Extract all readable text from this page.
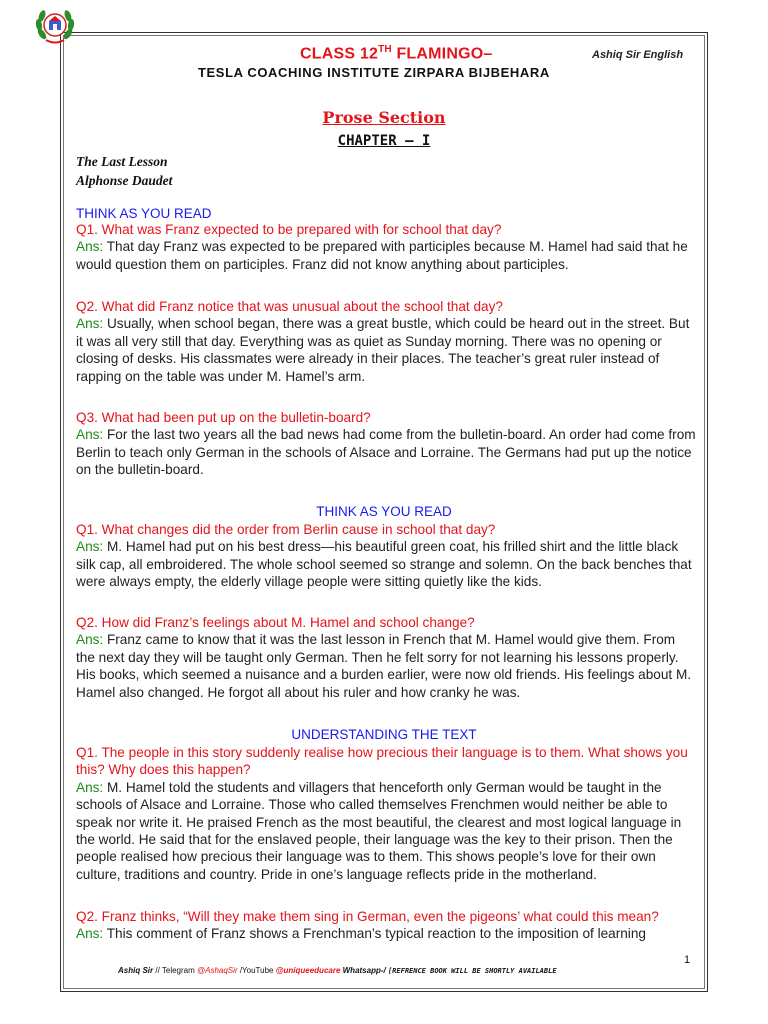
CLASS 12TH FLAMINGO–	Ashiq Sir English
TESLA COACHING INSTITUTE ZIRPARA BIJBEHARA
Prose Section
CHAPTER – I
The Last Lesson
Alphonse Daudet
THINK AS YOU READ
Q1. What was Franz expected to be prepared with for school that day?
Ans: That day Franz was expected to be prepared with participles because M. Hamel had said that he would question them on participles. Franz did not know anything about participles.
Q2. What did Franz notice that was unusual about the school that day?
Ans: Usually, when school began, there was a great bustle, which could be heard out in the street. But it was all very still that day. Everything was as quiet as Sunday morning. There was no opening or closing of desks. His classmates were already in their places. The teacher’s great ruler instead of rapping on the table was under M. Hamel’s arm.
Q3. What had been put up on the bulletin-board?
Ans: For the last two years all the bad news had come from the bulletin-board. An order had come from Berlin to teach only German in the schools of Alsace and Lorraine. The Germans had put up the notice on the bulletin-board.
THINK AS YOU READ
Q1. What changes did the order from Berlin cause in school that day?
Ans: M. Hamel had put on his best dress—his beautiful green coat, his frilled shirt and the little black silk cap, all embroidered. The whole school seemed so strange and solemn. On the back benches that were always empty, the elderly village people were sitting quietly like the kids.
Q2. How did Franz’s feelings about M. Hamel and school change?
Ans: Franz came to know that it was the last lesson in French that M. Hamel would give them. From the next day they will be taught only German. Then he felt sorry for not learning his lessons properly. His books, which seemed a nuisance and a burden earlier, were now old friends. His feelings about M. Hamel also changed. He forgot all about his ruler and how cranky he was.
UNDERSTANDING THE TEXT
Q1. The people in this story suddenly realise how precious their language is to them. What shows you this? Why does this happen?
Ans: M. Hamel told the students and villagers that henceforth only German would be taught in the schools of Alsace and Lorraine. Those who called themselves Frenchmen would neither be able to speak nor write it. He praised French as the most beautiful, the clearest and most logical language in the world. He said that for the enslaved people, their language was the key to their prison. Then the people realised how precious their language was to them. This shows people’s love for their own culture, traditions and country. Pride in one’s language reflects pride in the motherland.
Q2. Franz thinks, “Will they make them sing in German, even the pigeons’ what could this mean?
Ans: This comment of Franz shows a Frenchman’s typical reaction to the imposition of learning
1
Ashiq Sir // Telegram @AshaqSir /YouTube @uniqueeducare Whatsapp-/ [REFRENCE BOOK WILL BE SHORTLY AVAILABLE
